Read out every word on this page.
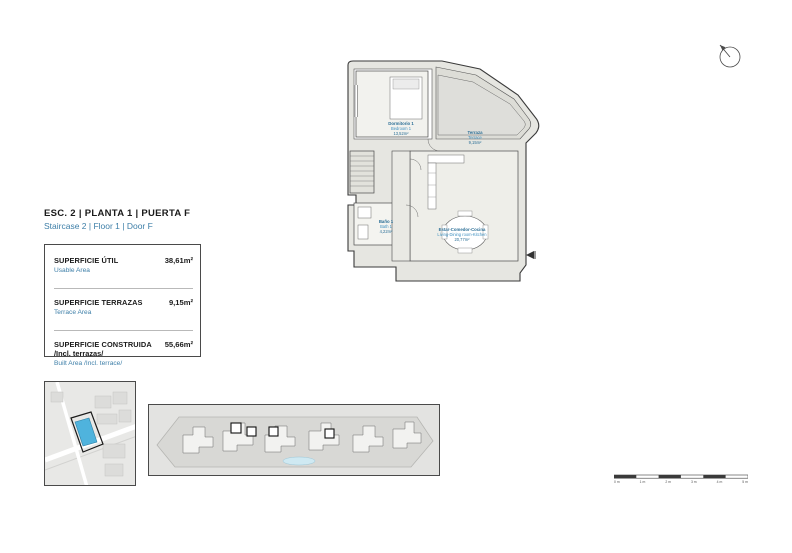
ESC. 2 | PLANTA 1 | PUERTA F
Staircase 2 | Floor 1 | Door F
SUPERFICIE ÚTIL
Usable Area
38,61m²
SUPERFICIE TERRAZAS
Terrace Area
9,15m²
SUPERFICIE CONSTRUIDA
/Incl. terrazas/
Built Area /Incl. terrace/
55,66m²
Dormitorio 1
Bedroom 1
13,52m²	Terraza
Terrace
9,15m²
Baño 1
Bath 1
4,22m²	Estar-Comedor-Cocina
Living-Dining room-Kitchen
20,77m²
0 m	1 m	2 m	3 m	4 m	5 m
